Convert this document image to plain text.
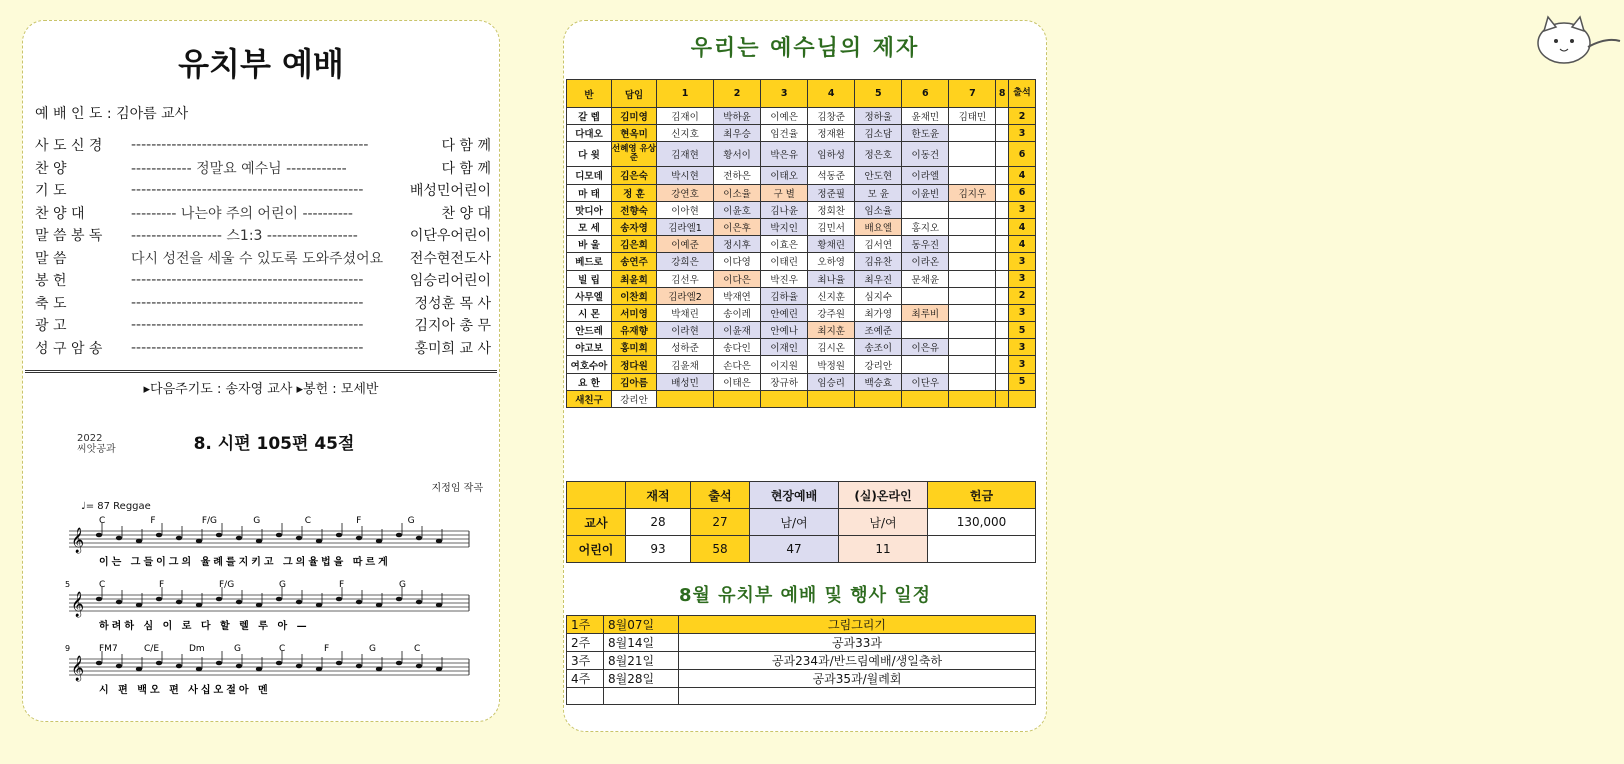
유치부 예배
예 배 인 도 : 김아름 교사
사 도 신 경	-----------------------------------------------	다 함 께
찬 양	------------ 정말요 예수님 ------------	다 함 께
기 도	----------------------------------------------	배성민어린이
찬 양 대	--------- 나는야 주의 어린이 ----------	찬 양 대
말 씀 봉 독	------------------ 스1:3 ------------------	이단우어린이
말 씀	다시 성전을 세울 수 있도록 도와주셨어요	전수현전도사
봉 헌	----------------------------------------------	임승리어린이
축 도	----------------------------------------------	정성훈 목 사
광 고	----------------------------------------------	김지아 총 무
성 구 암 송	----------------------------------------------	홍미희 교 사
▸다음주기도 : 송자영 교사 ▸봉헌 : 모세반
2022
씨앗공과	8. 시편 105편 45절
지정임 작곡
♩= 87 Reggae
𝄞
C	F	F/G	G	C	F	G
이는 그들이그의 율례를지키고 그의율법을 따르게
𝄞
5	C	F	F/G	G	F	G
하려하 심 이 로 다 할 렐 루 아 —
𝄞
9	FM7	C/E	Dm	G	C	F	G	C
시 편 백오 편 사십오절아 멘
우리는 예수님의 제자
반	담임	1	2	3	4	5	6	7	8	출석
갈 렙	김미영	김재이	박하윤	이예은	김창준	정하울	윤채민	김태민		2
다대오	현옥미	신지호	최우승	임건율	정재환	김소담	한도윤			3
다 윗	선혜영 유상준	김재현	황서이	박은유	임하성	정은호	이동건			6
디모데	김은숙	박시현	전하은	이태오	석동준	안도현	이라엘			4
마 태	정 훈	강연호	이소율	구 별	정준필	모 윤	이윤빈	김지우		6
맛디아	전향숙	이아현	이윤호	김나윤	정회찬	임소율				3
모 세	송자영	김라엘1	이은후	박지인	김민서	배요엘	홍지오			4
바 울	김은희	이예준	정시후	이효은	황채린	김서연	동우진			4
베드로	송연주	강희은	이다영	이태린	오하영	김유찬	이라온			3
빌 립	최윤희	김선우	이다은	박진우	최나율	최우진	문채윤			3
사무엘	이찬희	김라엘2	박재연	김하율	신지훈	심지수				2
시 몬	서미영	박채린	송이레	안예린	강주원	최가영	최루비			3
안드레	유재향	이라현	이윤재	안예나	최지훈	조예준				5
야고보	홍미희	성하준	송다인	이재인	김시온	송조이	이은유			3
여호수아	정다원	김윤채	손다은	이지원	박정원	강리안				3
요 한	김아름	배성민	이태은	장규하	임승리	백승효	이단우			5
새친구	강리안									
	재적	출석	현장예배	(실)온라인	헌금
교사	28	27	남/여	남/여	130,000
어린이	93	58	47	11	
8월 유치부 예배 및 행사 일정
1주	8월07일	그림그리기
2주	8월14일	공과33과
3주	8월21일	공과234과/반드림예배/생일축하
4주	8월28일	공과35과/월례회
